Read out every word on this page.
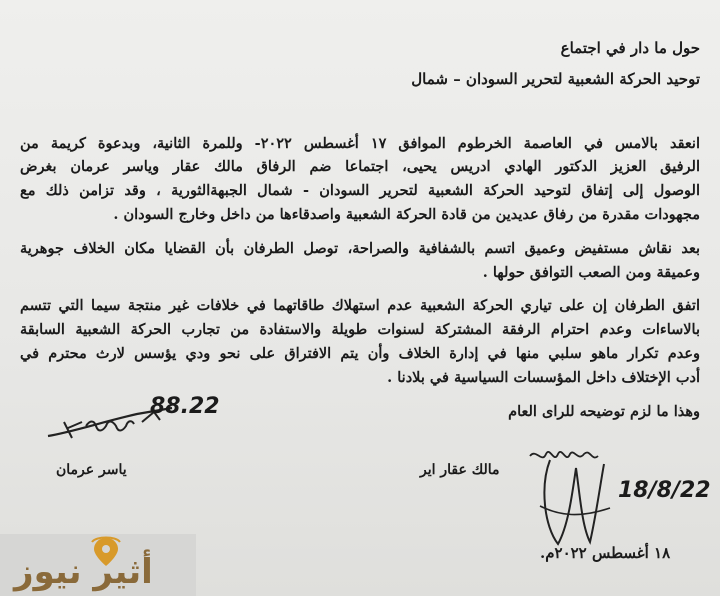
حول ما دار في اجتماع
توحيد الحركة الشعبية لتحرير السودان – شمال
انعقد بالامس في العاصمة الخرطوم الموافق ١٧ أغسطس ٢٠٢٢- وللمرة الثانية، وبدعوة كريمة من
الرفيق العزيز الدكتور الهادي ادريس يحيى، اجتماعا ضم الرفاق مالك عقار وياسر عرمان بغرض
الوصول إلى إتفاق لتوحيد الحركة الشعبية لتحرير السودان - شمال الجبهةالثورية ، وقد تزامن ذلك مع
مجهودات مقدرة من رفاق عديدين من قادة الحركة الشعبية واصدقاءها من داخل وخارج السودان .
بعد نقاش مستفيض وعميق اتسم بالشفافية والصراحة، توصل الطرفان بأن القضايا مكان الخلاف جوهرية
وعميقة ومن الصعب التوافق حولها .
اتفق الطرفان إن على تياري الحركة الشعبية عدم استهلاك طاقاتهما في خلافات غير منتجة سيما التي تتسم
بالاساءات وعدم احترام الرفقة المشتركة لسنوات طويلة والاستفادة من تجارب الحركة الشعبية السابقة
وعدم تكرار ماهو سلبي منها في إدارة الخلاف وأن يتم الافتراق على نحو ودي يؤسس لارث محترم في
أدب الإختلاف داخل المؤسسات السياسية في بلادنا .
وهذا ما لزم توضيحه للراى العام
88.22
ياسر عرمان	مالك عقار اير
18/8/22
١٨ أغسطس ٢٠٢٢م.
أثير نيوز
